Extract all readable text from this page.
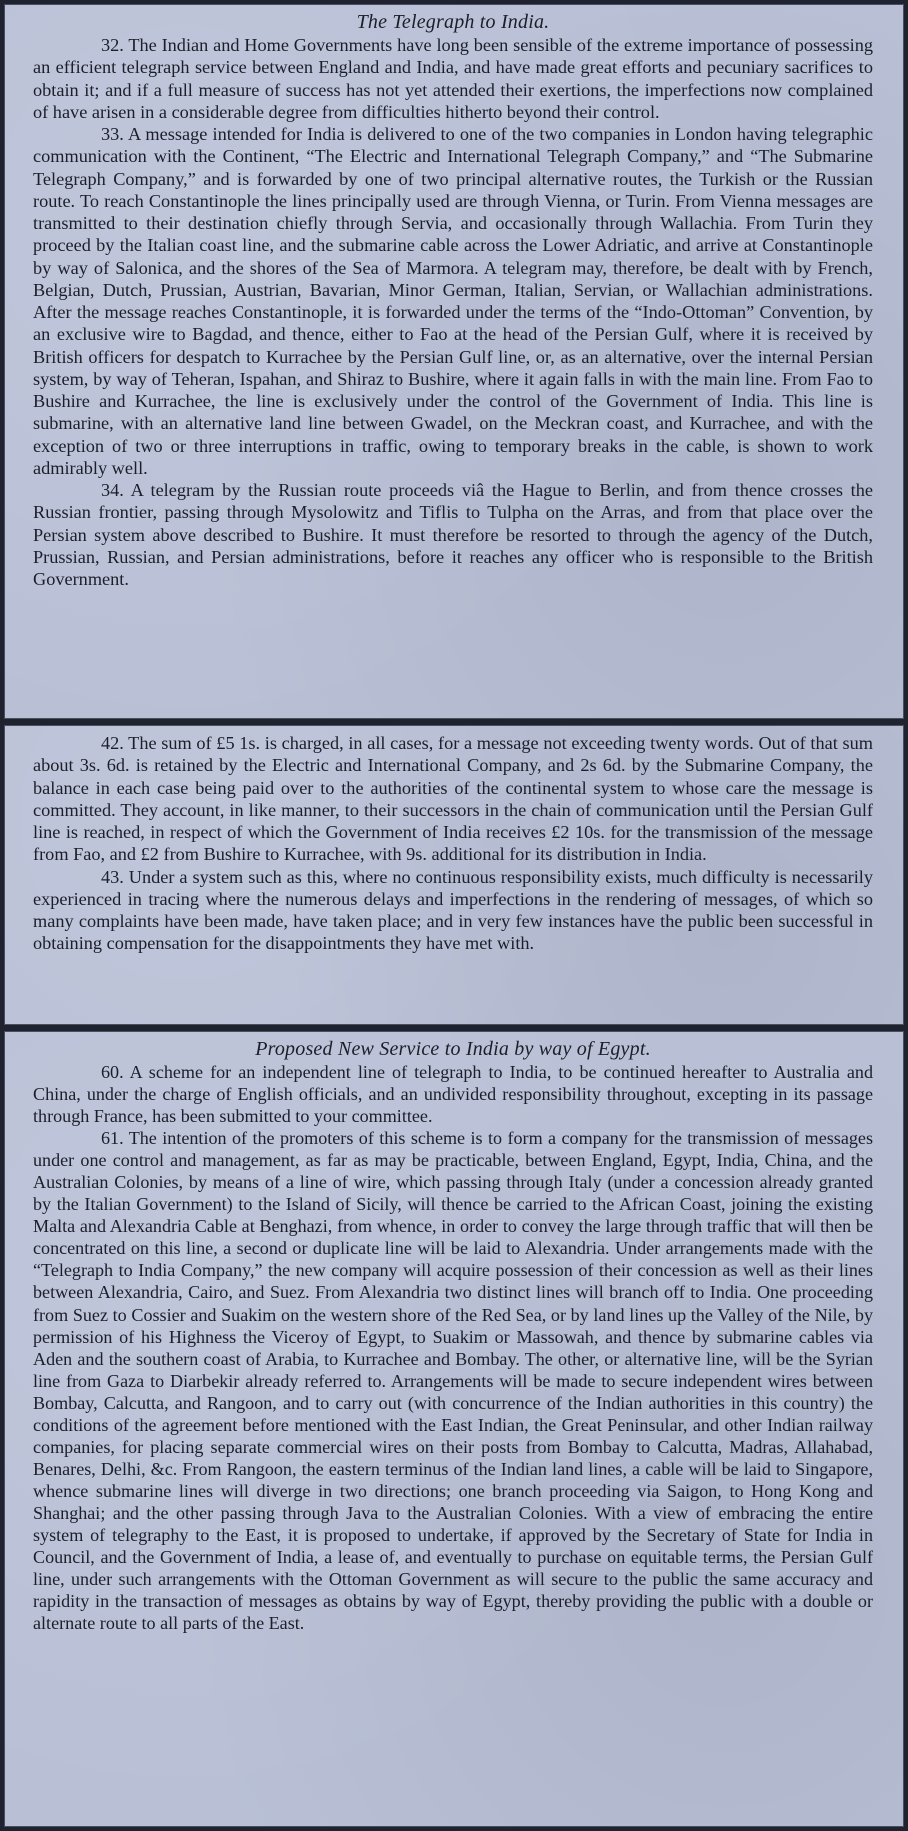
The Telegraph to India.

32. The Indian and Home Governments have long been sensible of the extreme importance of possessing an efficient telegraph service between England and India, and have made great efforts and pecuniary sacrifices to obtain it; and if a full measure of success has not yet attended their exertions, the imperfections now complained of have arisen in a considerable degree from difficulties hitherto beyond their control.

33. A message intended for India is delivered to one of the two companies in London having telegraphic communication with the Continent, “The Electric and International Telegraph Company,” and “The Submarine Telegraph Company,” and is forwarded by one of two principal alternative routes, the Turkish or the Russian route. To reach Constantinople the lines principally used are through Vienna, or Turin. From Vienna messages are transmitted to their destination chiefly through Servia, and occasionally through Wallachia. From Turin they proceed by the Italian coast line, and the submarine cable across the Lower Adriatic, and arrive at Constantinople by way of Salonica, and the shores of the Sea of Marmora. A telegram may, therefore, be dealt with by French, Belgian, Dutch, Prussian, Austrian, Bavarian, Minor German, Italian, Servian, or Wallachian administrations. After the message reaches Constantinople, it is forwarded under the terms of the “Indo-Ottoman” Convention, by an exclusive wire to Bagdad, and thence, either to Fao at the head of the Persian Gulf, where it is received by British officers for despatch to Kurrachee by the Persian Gulf line, or, as an alternative, over the internal Persian system, by way of Teheran, Ispahan, and Shiraz to Bushire, where it again falls in with the main line. From Fao to Bushire and Kurrachee, the line is exclusively under the control of the Government of India. This line is submarine, with an alternative land line between Gwadel, on the Meckran coast, and Kurrachee, and with the exception of two or three interruptions in traffic, owing to temporary breaks in the cable, is shown to work admirably well.

34. A telegram by the Russian route proceeds viâ the Hague to Berlin, and from thence crosses the Russian frontier, passing through Mysolowitz and Tiflis to Tulpha on the Arras, and from that place over the Persian system above described to Bushire. It must therefore be resorted to through the agency of the Dutch, Prussian, Russian, and Persian administrations, before it reaches any officer who is responsible to the British Government.

42. The sum of £5 1s. is charged, in all cases, for a message not exceeding twenty words. Out of that sum about 3s. 6d. is retained by the Electric and International Company, and 2s 6d. by the Submarine Company, the balance in each case being paid over to the authorities of the continental system to whose care the message is committed. They account, in like manner, to their successors in the chain of communication until the Persian Gulf line is reached, in respect of which the Government of India receives £2 10s. for the transmission of the message from Fao, and £2 from Bushire to Kurrachee, with 9s. additional for its distribution in India.

43. Under a system such as this, where no continuous responsibility exists, much difficulty is necessarily experienced in tracing where the numerous delays and imperfections in the rendering of messages, of which so many complaints have been made, have taken place; and in very few instances have the public been successful in obtaining compensation for the disappointments they have met with.

Proposed New Service to India by way of Egypt.

60. A scheme for an independent line of telegraph to India, to be continued hereafter to Australia and China, under the charge of English officials, and an undivided responsibility throughout, excepting in its passage through France, has been submitted to your committee.

61. The intention of the promoters of this scheme is to form a company for the transmission of messages under one control and management, as far as may be practicable, between England, Egypt, India, China, and the Australian Colonies, by means of a line of wire, which passing through Italy (under a concession already granted by the Italian Government) to the Island of Sicily, will thence be carried to the African Coast, joining the existing Malta and Alexandria Cable at Benghazi, from whence, in order to convey the large through traffic that will then be concentrated on this line, a second or duplicate line will be laid to Alexandria. Under arrangements made with the “Telegraph to India Company,” the new company will acquire possession of their concession as well as their lines between Alexandria, Cairo, and Suez. From Alexandria two distinct lines will branch off to India. One proceeding from Suez to Cossier and Suakim on the western shore of the Red Sea, or by land lines up the Valley of the Nile, by permission of his Highness the Viceroy of Egypt, to Suakim or Massowah, and thence by submarine cables via Aden and the southern coast of Arabia, to Kurrachee and Bombay. The other, or alternative line, will be the Syrian line from Gaza to Diarbekir already referred to. Arrangements will be made to secure independent wires between Bombay, Calcutta, and Rangoon, and to carry out (with concurrence of the Indian authorities in this country) the conditions of the agreement before mentioned with the East Indian, the Great Peninsular, and other Indian railway companies, for placing separate commercial wires on their posts from Bombay to Calcutta, Madras, Allahabad, Benares, Delhi, &c. From Rangoon, the eastern terminus of the Indian land lines, a cable will be laid to Singapore, whence submarine lines will diverge in two directions; one branch proceeding via Saigon, to Hong Kong and Shanghai; and the other passing through Java to the Australian Colonies. With a view of embracing the entire system of telegraphy to the East, it is proposed to undertake, if approved by the Secretary of State for India in Council, and the Government of India, a lease of, and eventually to purchase on equitable terms, the Persian Gulf line, under such arrangements with the Ottoman Government as will secure to the public the same accuracy and rapidity in the transaction of messages as obtains by way of Egypt, thereby providing the public with a double or alternate route to all parts of the East.
